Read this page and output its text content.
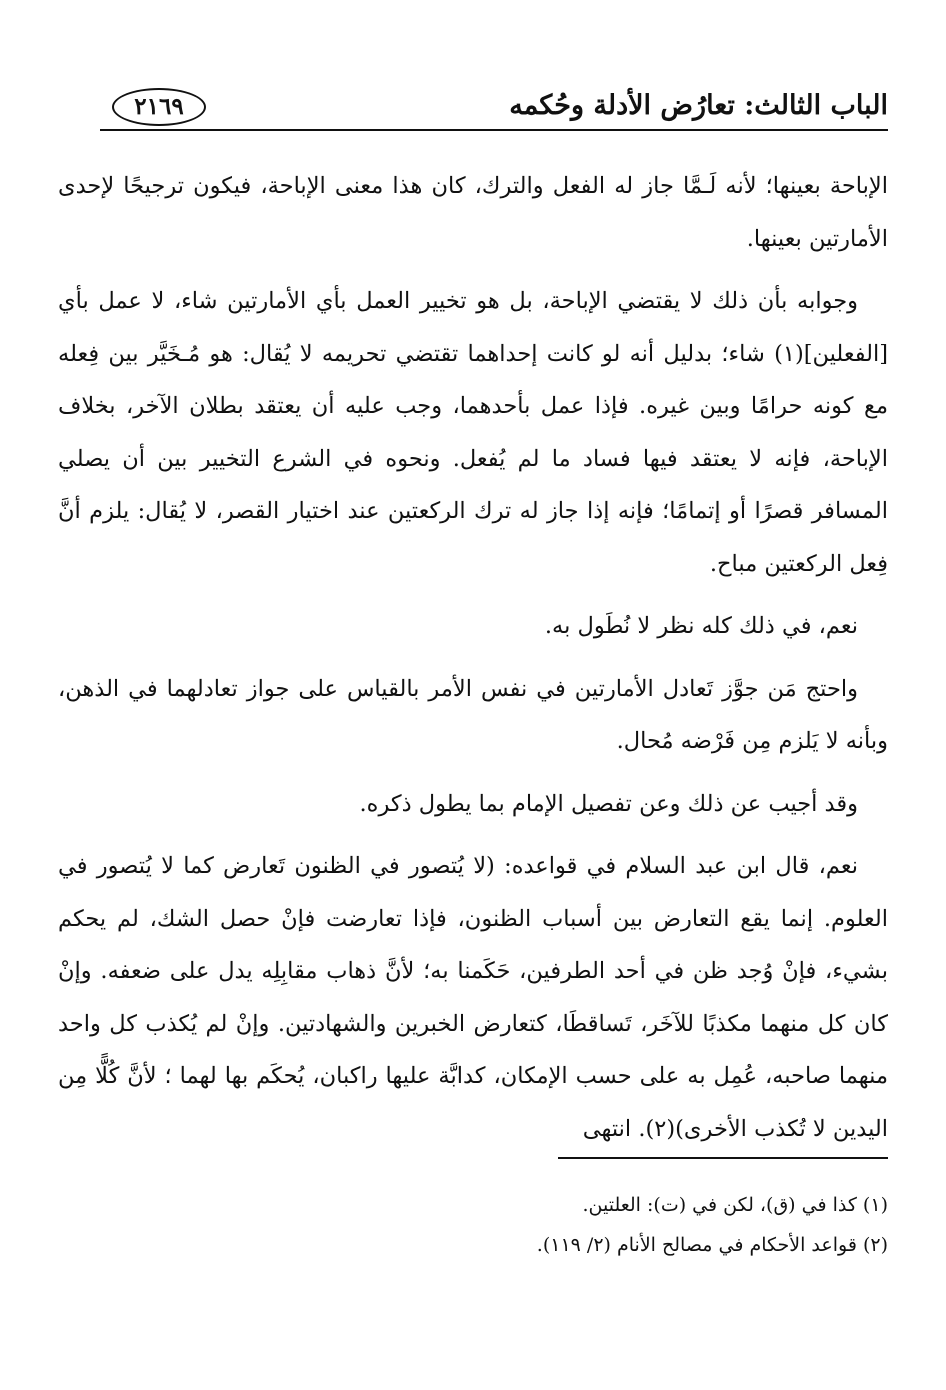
الباب الثالث: تعارُض الأدلة وحُكمه
٢١٦٩

الإباحة بعينها؛ لأنه لَـمَّا جاز له الفعل والترك، كان هذا معنى الإباحة، فيكون ترجيحًا لإحدى الأمارتين بعينها.

وجوابه بأن ذلك لا يقتضي الإباحة، بل هو تخيير العمل بأي الأمارتين شاء، لا عمل بأي [الفعلين](١) شاء؛ بدليل أنه لو كانت إحداهما تقتضي تحريمه لا يُقال: هو مُـخَيَّر بين فِعله مع كونه حرامًا وبين غيره. فإذا عمل بأحدهما، وجب عليه أن يعتقد بطلان الآخر، بخلاف الإباحة، فإنه لا يعتقد فيها فساد ما لم يُفعل. ونحوه في الشرع التخيير بين أن يصلي المسافر قصرًا أو إتمامًا؛ فإنه إذا جاز له ترك الركعتين عند اختيار القصر، لا يُقال: يلزم أنَّ فِعل الركعتين مباح.

نعم، في ذلك كله نظر لا نُطَول به.

واحتج مَن جوَّز تَعادل الأمارتين في نفس الأمر بالقياس على جواز تعادلهما في الذهن، وبأنه لا يَلزم مِن فَرْضه مُحال.

وقد أجيب عن ذلك وعن تفصيل الإمام بما يطول ذكره.

نعم، قال ابن عبد السلام في قواعده: (لا يُتصور في الظنون تَعارض كما لا يُتصور في العلوم. إنما يقع التعارض بين أسباب الظنون، فإذا تعارضت فإنْ حصل الشك، لم يحكم بشيء، فإنْ وُجد ظن في أحد الطرفين، حَكَمنا به؛ لأنَّ ذهاب مقابِلِه يدل على ضعفه. وإنْ كان كل منهما مكذبًا للآخَر، تَساقطَا، كتعارض الخبرين والشهادتين. وإنْ لم يُكذب كل واحد منهما صاحبه، عُمِل به على حسب الإمكان، كدابَّة عليها راكبان، يُحكَم بها لهما ؛ لأنَّ كُلًّا مِن اليدين لا تُكذب الأخرى)(٢). انتهى

(١) كذا في (ق)، لكن في (ت): العلتين.
(٢) قواعد الأحكام في مصالح الأنام (٢/ ١١٩).
